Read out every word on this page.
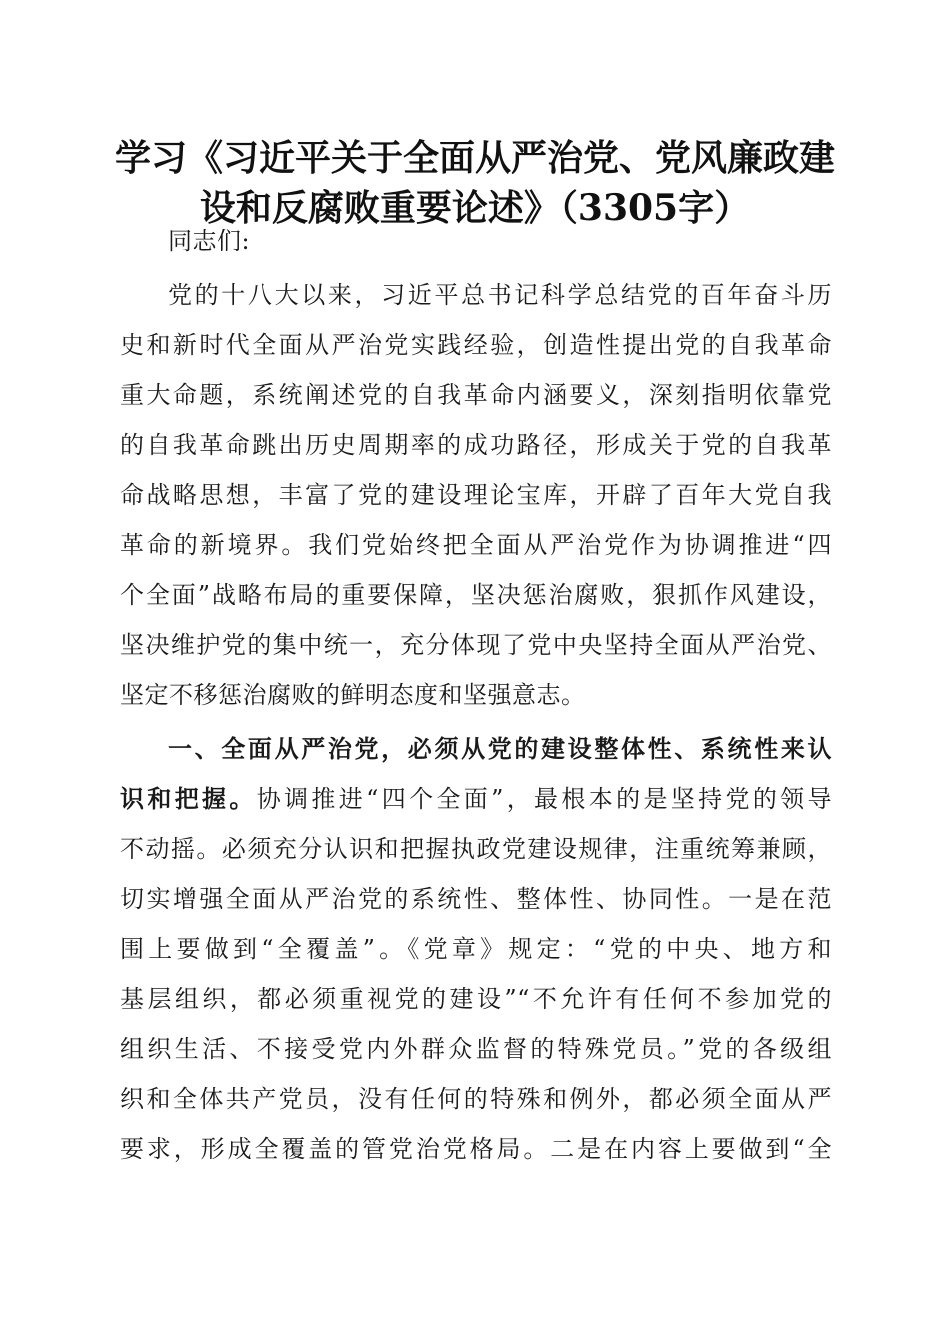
学习《习近平关于全面从严治党、党风廉政建
设和反腐败重要论述》（3305字）
同志们:
党的十八大以来，习近平总书记科学总结党的百年奋斗历
史和新时代全面从严治党实践经验，创造性提出党的自我革命
重大命题，系统阐述党的自我革命内涵要义，深刻指明依靠党
的自我革命跳出历史周期率的成功路径，形成关于党的自我革
命战略思想，丰富了党的建设理论宝库，开辟了百年大党自我
革命的新境界。我们党始终把全面从严治党作为协调推进“四
个全面”战略布局的重要保障，坚决惩治腐败，狠抓作风建设，
坚决维护党的集中统一，充分体现了党中央坚持全面从严治党、
坚定不移惩治腐败的鲜明态度和坚强意志。
一、全面从严治党，必须从党的建设整体性、系统性来认
识和把握。协调推进“四个全面”，最根本的是坚持党的领导
不动摇。必须充分认识和把握执政党建设规律，注重统筹兼顾，
切实增强全面从严治党的系统性、整体性、协同性。一是在范
围上要做到“全覆盖”。《党章》规定：“党的中央、地方和
基层组织，都必须重视党的建设”“不允许有任何不参加党的
组织生活、不接受党内外群众监督的特殊党员。”党的各级组
织和全体共产党员，没有任何的特殊和例外，都必须全面从严
要求，形成全覆盖的管党治党格局。二是在内容上要做到“全
